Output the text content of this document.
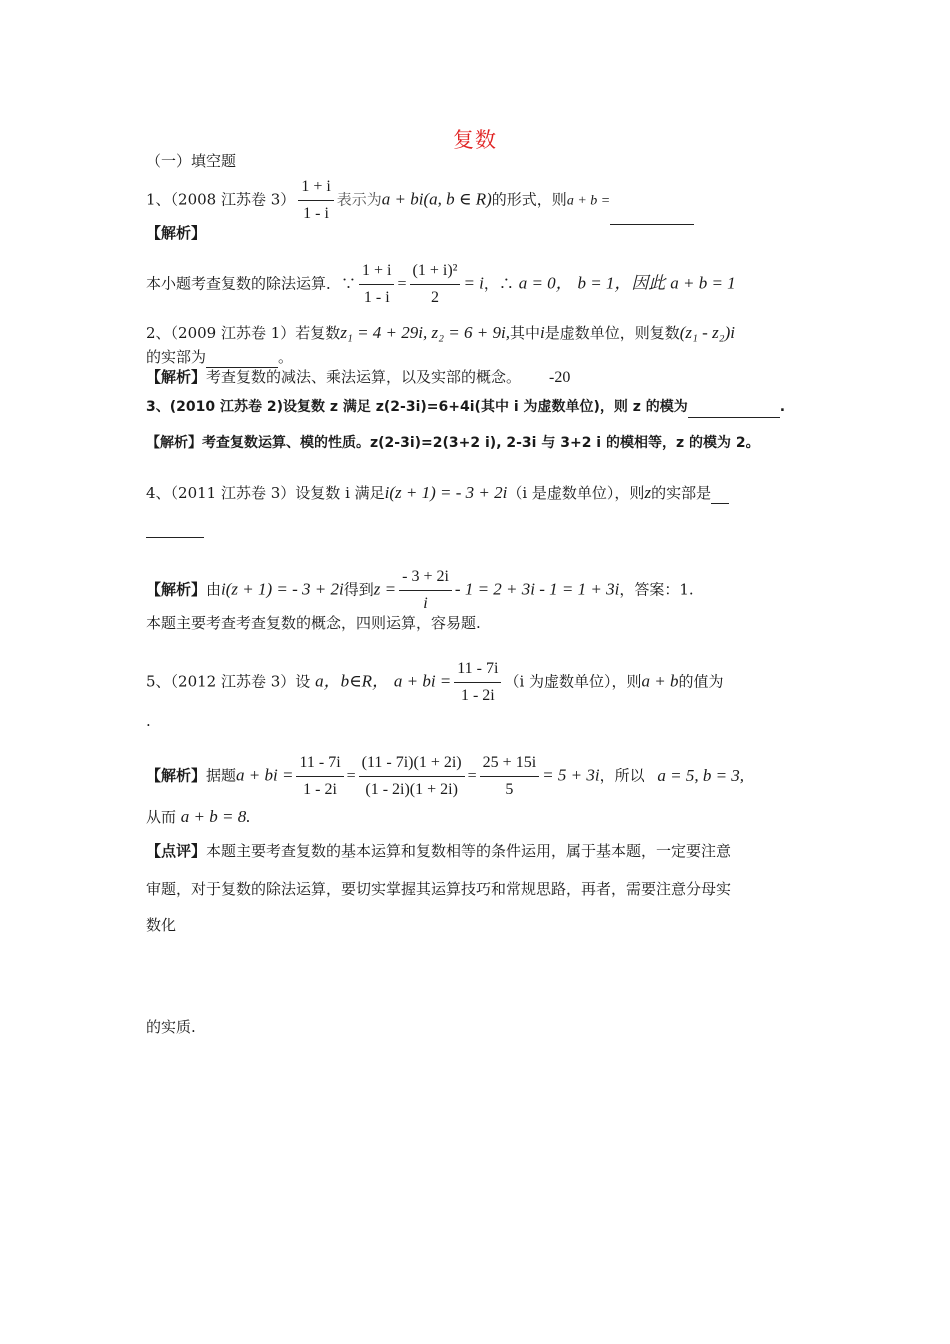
复数
（一）填空题
1、（2008 江苏卷 $3) \frac{1 + i}{1 - i}$ 表示为a + bi(a, b ∈ R)的形式，则a + b =
【解析】
本小题考查复数的除法运算．∵ $\frac{1 + i}{1 - i} = \frac{\text{(1 + i)²}}{2} = i$，∴ a = 0， b = 1，因此 a + b = 1
2、（2009 江苏卷 1）若复数z₁ = 4 + 29i, z₂ = 6 + 9i,其中i是虚数单位，则复数(z₁ - z₂)i
的实部为	。
【解析】考查复数的减法、乘法运算，以及实部的概念。 -20
3、(2010 江苏卷 2)设复数 z 满足 z(2-3i)=6+4i(其中 i 为虚数单位)，则 z 的模为	.
【解析】考查复数运算、模的性质。z(2-3i)=2(3+2 i), 2-3i 与 3+2 i 的模相等，z 的模为 2。
4、（2011 江苏卷 3）设复数 i 满足i(z + 1) = - 3 + 2i（i 是虚数单位），则z的实部是
【解析】由i(z + 1) = - 3 + 2i得到$z = \frac{- 3 + 2i}{i} - 1 = 2 + 3i - 1 = 1 + 3i$，答案：1.
本题主要考查考查复数的概念，四则运算，容易题.
5、（2012 江苏卷 3）设 a，b∈R， a + bi = $\frac{11 - 7i}{1 - 2i} (i$ 为虚数单位），则a + b的值为
.
【解析】据题a + bi = $\frac{11 - 7i}{1 - 2i} = \frac{(11 - 7i)(1 + 2i)}{(1 - 2i)(1 + 2i)} = \frac{25 + 15i}{5} = 5 + 3i$，所以 a = 5, b = 3,
从而 a + b = 8.
【点评】本题主要考查复数的基本运算和复数相等的条件运用，属于基本题，一定要注意
审题，对于复数的除法运算，要切实掌握其运算技巧和常规思路，再者，需要注意分母实
数化
的实质.
